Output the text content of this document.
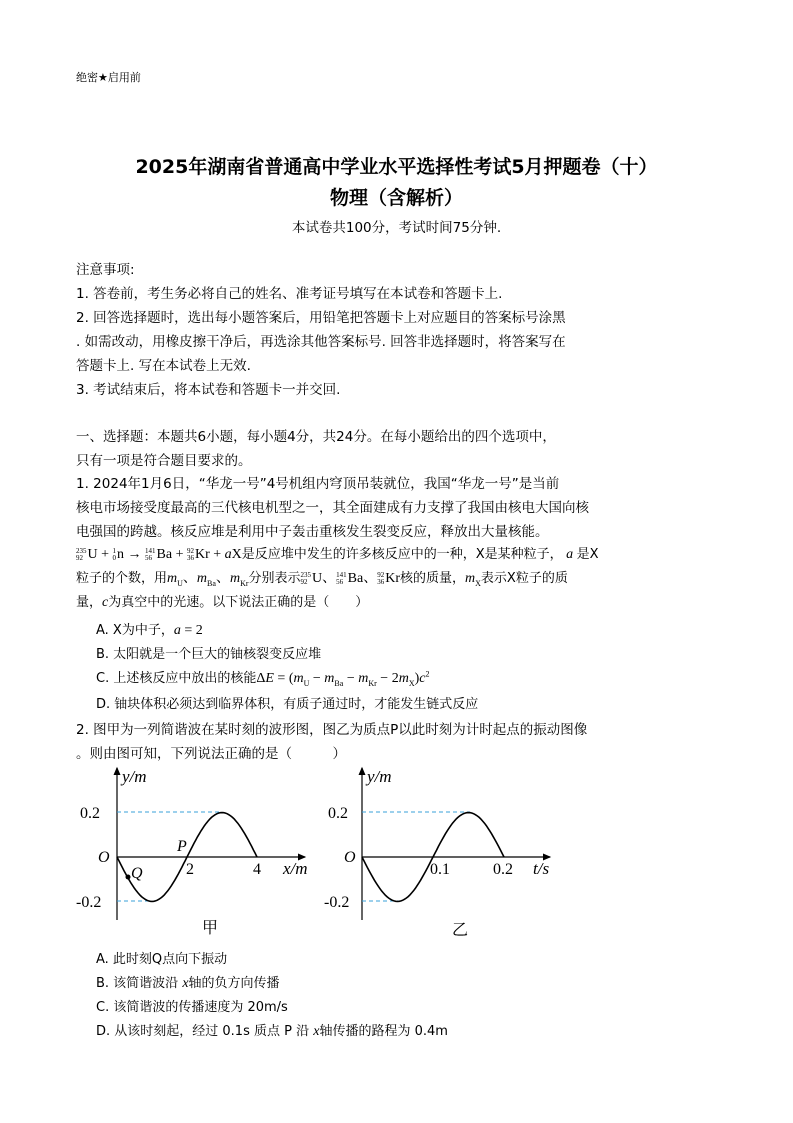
绝密★启用前
2025年湖南省普通高中学业水平选择性考试5月押题卷（十）
物理（含解析）
本试卷共100分，考试时间75分钟.
注意事项:
1. 答卷前，考生务必将自己的姓名、准考证号填写在本试卷和答题卡上.
2. 回答选择题时，选出每小题答案后，用铅笔把答题卡上对应题目的答案标号涂黑
. 如需改动，用橡皮擦干净后，再选涂其他答案标号. 回答非选择题时，将答案写在
答题卡上. 写在本试卷上无效.
3. 考试结束后，将本试卷和答题卡一并交回.
一、选择题：本题共6小题，每小题4分，共24分。在每小题给出的四个选项中，
只有一项是符合题目要求的。
1. 2024年1月6日，“华龙一号”4号机组内穹顶吊装就位，我国“华龙一号”是当前
核电市场接受度最高的三代核电机型之一，其全面建成有力支撑了我国由核电大国向核
电强国的跨越。核反应堆是利用中子轰击重核发生裂变反应，释放出大量核能。
235
92 U + 1
0 n → 141
56 Ba + 92
36 Kr + aX是反应堆中发生的许多核反应中的一种，X是某种粒子， a 是X
粒子的个数，用$m_U$、$m_{Ba}$、$m_{Kr}$分别表示 235
92 U、 141
56 Ba、 92
36 Kr核的质量，$m_X$表示X粒子的质
量，c为真空中的光速。以下说法正确的是（　　）
A. X为中子，a = 2
B. 太阳就是一个巨大的铀核裂变反应堆
C. 上述核反应中放出的核能$\Delta E = (m_U - m_{Ba} - m_{Kr} - 2m_X)c^2$
D. 铀块体积必须达到临界体积，有质子通过时，才能发生链式反应
2. 图甲为一列简谐波在某时刻的波形图，图乙为质点P以此时刻为计时起点的振动图像
。则由图可知，下列说法正确的是（　　　）
y/m
0.2
-0.2
O
2	4 x/m
P
Q
甲
y/m
0.2
-0.2
O
0.1	0.2 t/s
乙
A. 此时刻Q点向下振动
B. 该简谐波沿 x轴的负方向传播
C. 该简谐波的传播速度为 20m/s
D. 从该时刻起，经过 0.1s 质点 P 沿 x轴传播的路程为 0.4m
